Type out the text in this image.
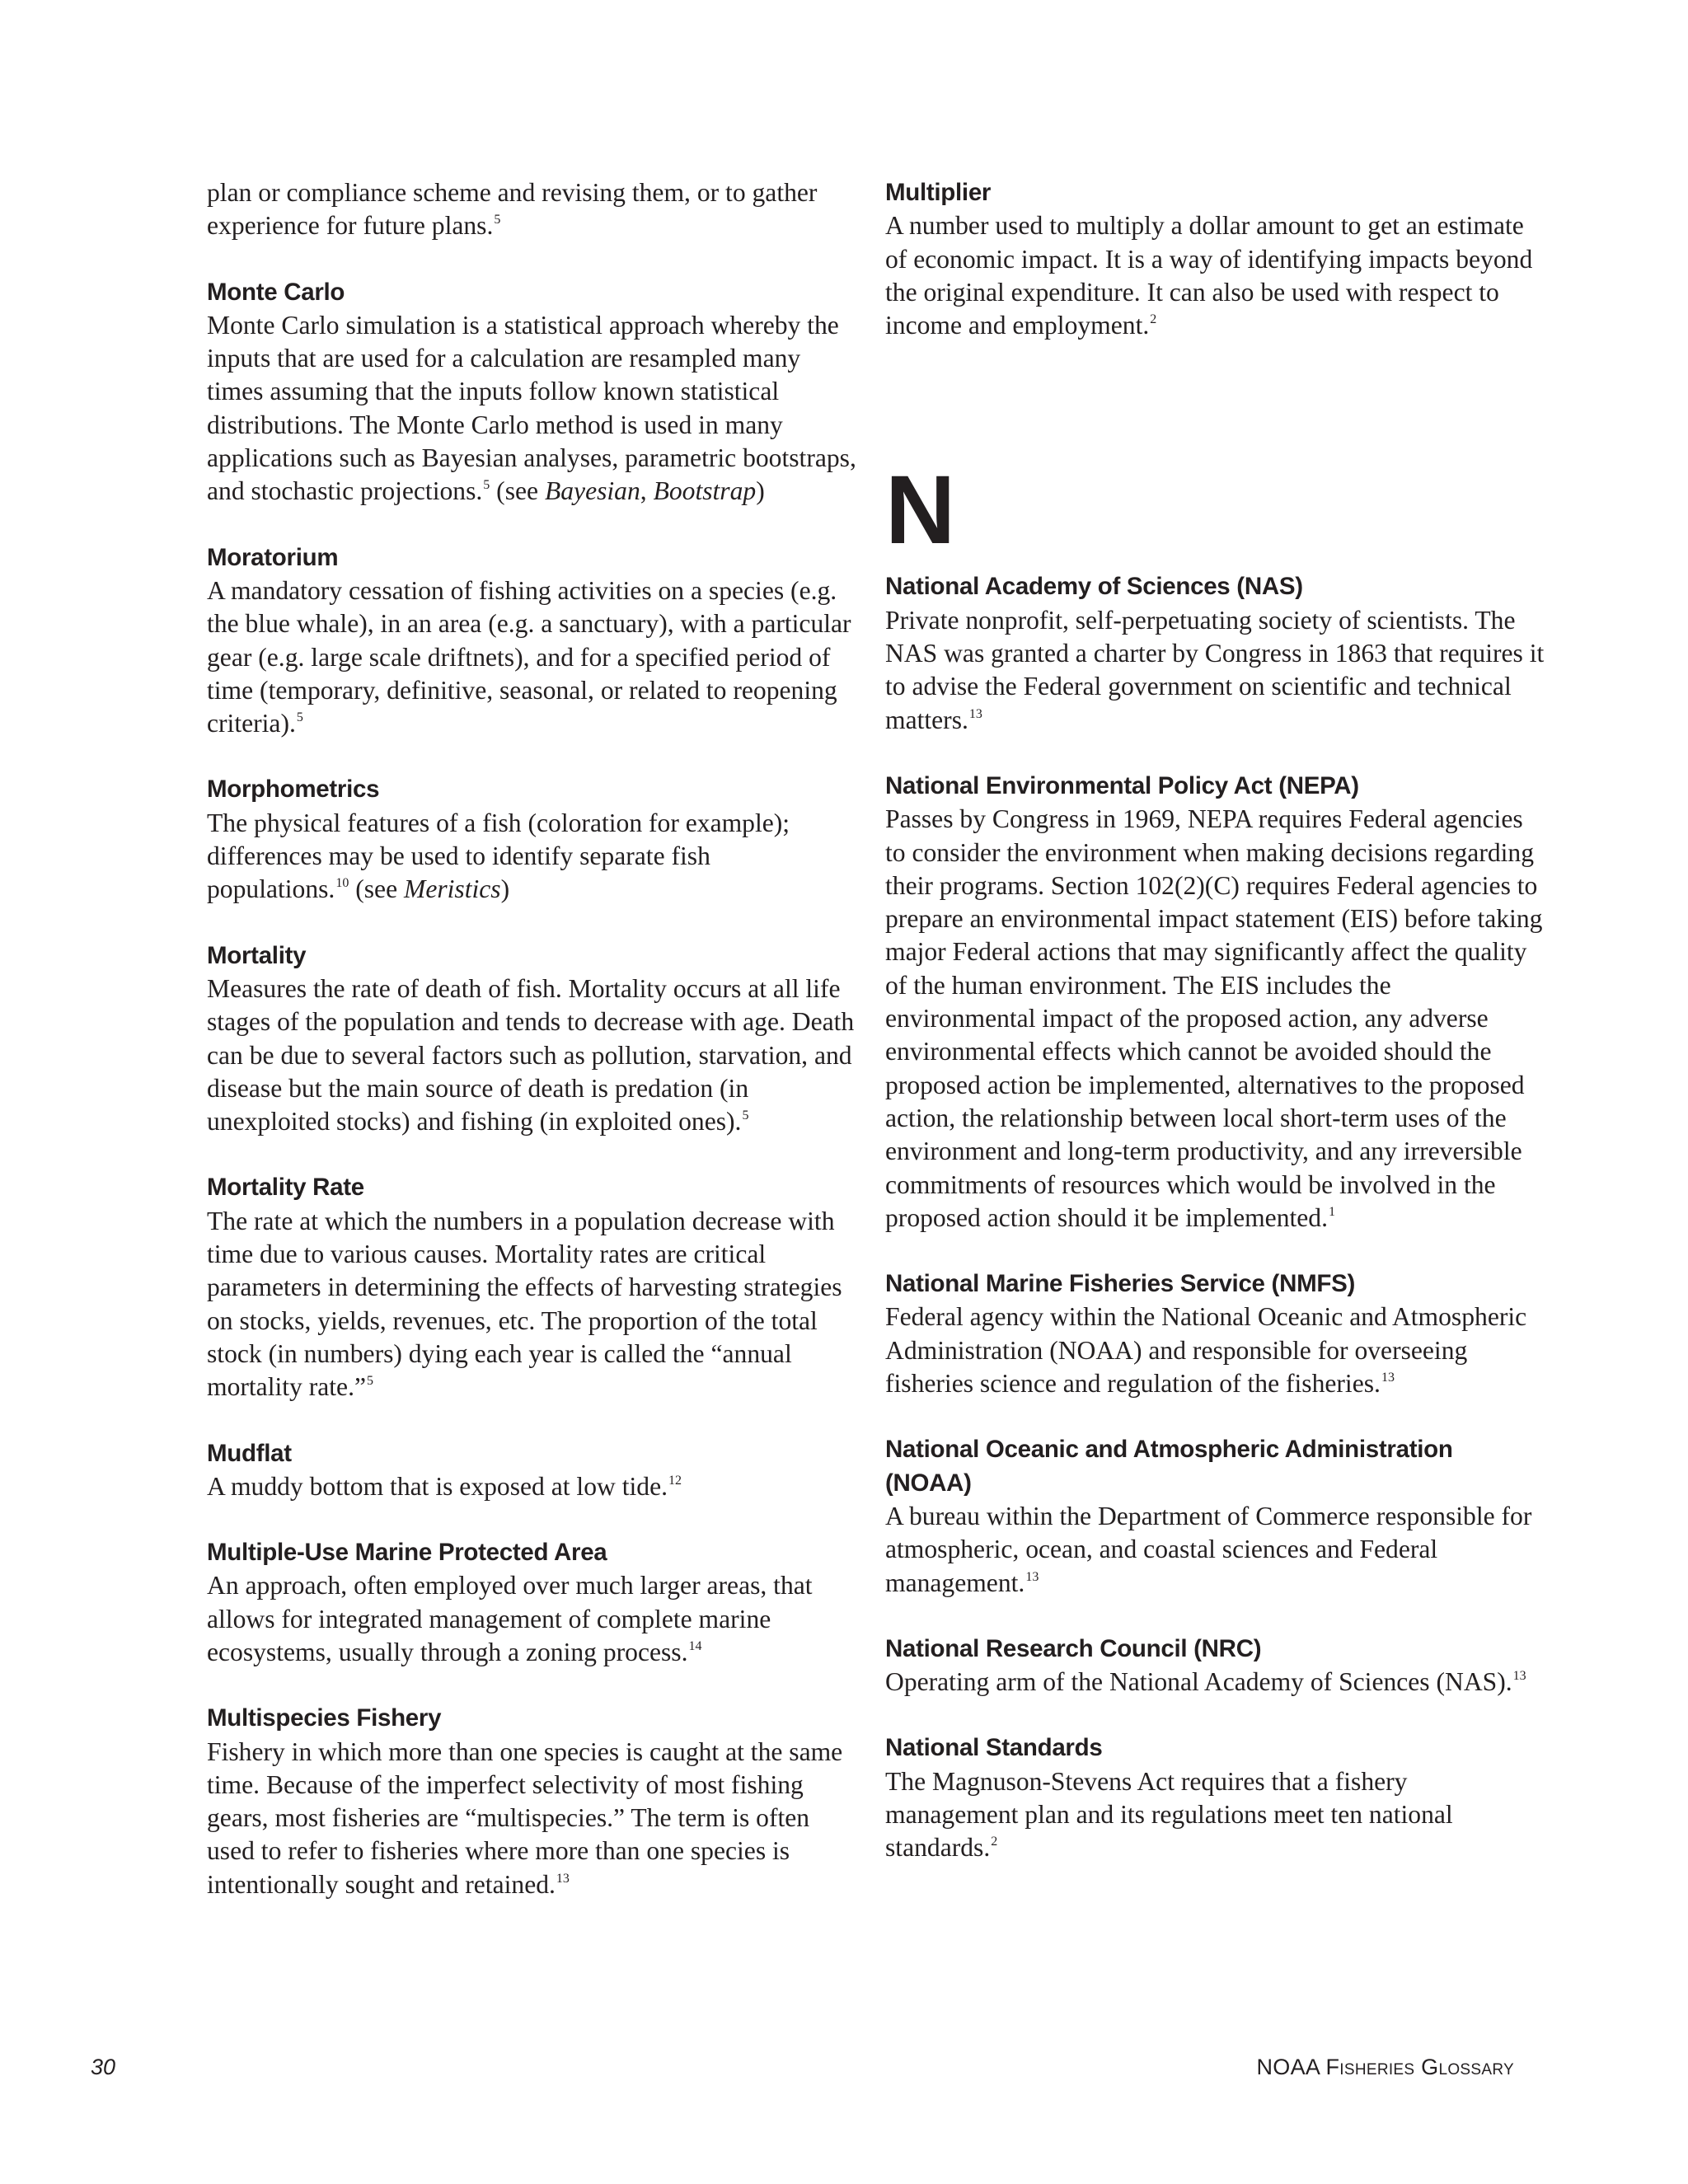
plan or compliance scheme and revising them, or to gather experience for future plans.$^5$

Monte Carlo

Monte Carlo simulation is a statistical approach whereby the inputs that are used for a calculation are resampled many times assuming that the inputs follow known statistical distributions. The Monte Carlo method is used in many applications such as Bayesian analyses, parametric bootstraps, and stochastic projections.$^5$ (see Bayesian, Bootstrap)

Moratorium

A mandatory cessation of fishing activities on a species (e.g. the blue whale), in an area (e.g. a sanctuary), with a particular gear (e.g. large scale driftnets), and for a specified period of time (temporary, definitive, seasonal, or related to reopening criteria).$^5$

Morphometrics

The physical features of a fish (coloration for example); differences may be used to identify separate fish populations.$^{10}$ (see Meristics)

Mortality

Measures the rate of death of fish. Mortality occurs at all life stages of the population and tends to decrease with age. Death can be due to several factors such as pollution, starvation, and disease but the main source of death is predation (in unexploited stocks) and fishing (in exploited ones).$^5$

Mortality Rate

The rate at which the numbers in a population decrease with time due to various causes. Mortality rates are critical parameters in determining the effects of harvesting strategies on stocks, yields, revenues, etc. The proportion of the total stock (in numbers) dying each year is called the “annual mortality rate.”$^5$

Mudflat

A muddy bottom that is exposed at low tide.$^{12}$

Multiple-Use Marine Protected Area

An approach, often employed over much larger areas, that allows for integrated management of complete marine ecosystems, usually through a zoning process.$^{14}$

Multispecies Fishery

Fishery in which more than one species is caught at the same time. Because of the imperfect selectivity of most fishing gears, most fisheries are “multispecies.” The term is often used to refer to fisheries where more than one species is intentionally sought and retained.$^{13}$

Multiplier

A number used to multiply a dollar amount to get an estimate of economic impact. It is a way of identifying impacts beyond the original expenditure. It can also be used with respect to income and employment.$^2$

N
National Academy of Sciences (NAS)

Private nonprofit, self-perpetuating society of scientists. The NAS was granted a charter by Congress in 1863 that requires it to advise the Federal government on scientific and technical matters.$^{13}$

National Environmental Policy Act (NEPA)

Passes by Congress in 1969, NEPA requires Federal agencies to consider the environment when making decisions regarding their programs. Section 102(2)(C) requires Federal agencies to prepare an environmental impact statement (EIS) before taking major Federal actions that may significantly affect the quality of the human environment. The EIS includes the environmental impact of the proposed action, any adverse environmental effects which cannot be avoided should the proposed action be implemented, alternatives to the proposed action, the relationship between local short-term uses of the environment and long-term productivity, and any irreversible commitments of resources which would be involved in the proposed action should it be implemented.$^1$

National Marine Fisheries Service (NMFS)

Federal agency within the National Oceanic and Atmospheric Administration (NOAA) and responsible for overseeing fisheries science and regulation of the fisheries.$^{13}$

National Oceanic and Atmospheric Administration (NOAA)

A bureau within the Department of Commerce responsible for atmospheric, ocean, and coastal sciences and Federal management.$^{13}$

National Research Council (NRC)

Operating arm of the National Academy of Sciences (NAS).$^{13}$

National Standards

The Magnuson-Stevens Act requires that a fishery management plan and its regulations meet ten national standards.$^2$

30	NOAA Fisheries Glossary
